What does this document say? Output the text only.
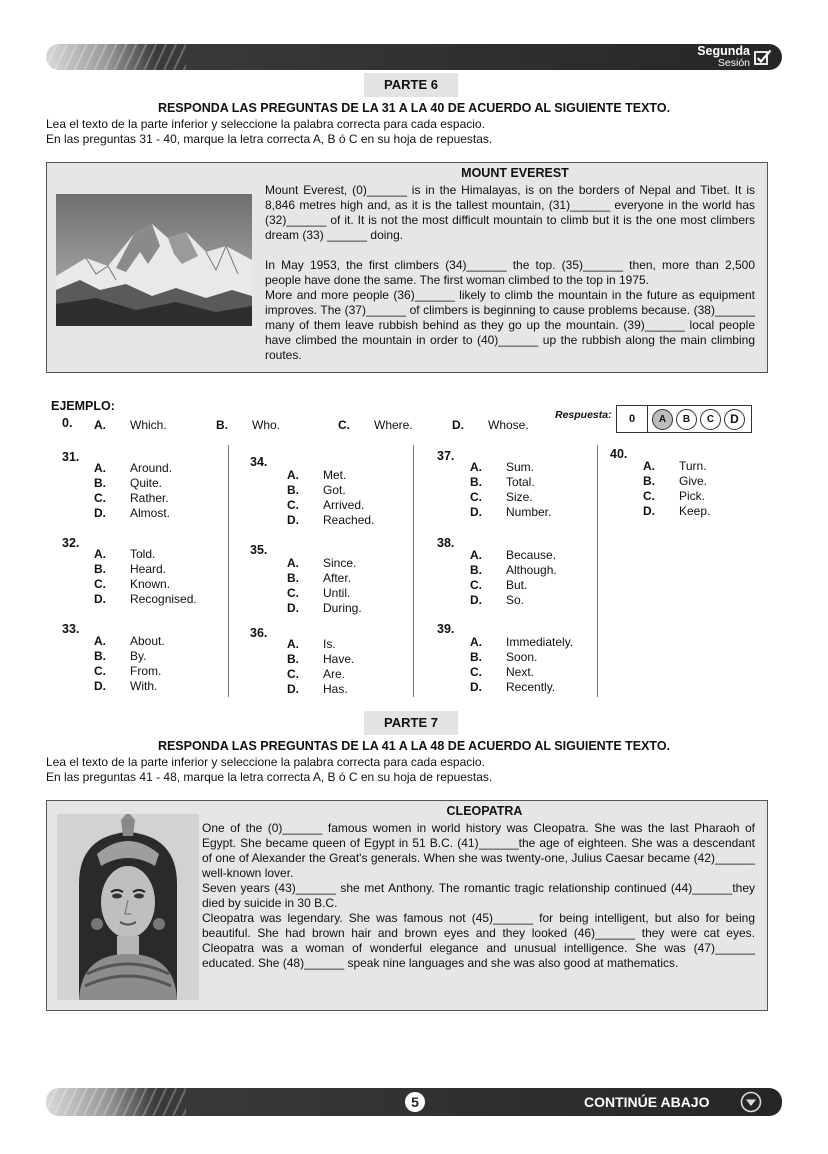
Segunda
Sesión
PARTE 6
RESPONDA LAS PREGUNTAS DE LA 31 A LA 40 DE ACUERDO AL SIGUIENTE TEXTO.
Lea el texto de la parte inferior y seleccione la palabra correcta para cada espacio.
En las preguntas 31 - 40, marque la letra correcta A, B ó C en su hoja de repuestas.
MOUNT EVEREST

Mount Everest, (0)______ is in the Himalayas, is on the borders of Nepal and Tibet. It is 8,846 metres high and, as it is the tallest mountain, (31)______ everyone in the world has (32)______ of it. It is not the most difficult mountain to climb but it is the one most climbers dream (33) ______ doing.

In May 1953, the first climbers (34)______ the top. (35)______ then, more than 2,500 people have done the same. The first woman climbed to the top in 1975.

More and more people (36)______ likely to climb the mountain in the future as equipment improves. The (37)______ of climbers is beginning to cause problems because. (38)______ many of them leave rubbish behind as they go up the mountain. (39)______ local people have climbed the mountain in order to (40)______ up the rubbish along the main climbing routes.

EJEMPLO:
0. A. Which.	B. Who.	C. Where.	D. Whose.
Respuesta:	0	A	B	C	D
31.
A. Around.
B. Quite.
C. Rather.
D. Almost.
32.
A. Told.
B. Heard.
C. Known.
D. Recognised.
33.
A. About.
B. By.
C. From.
D. With.
34.
A. Met.
B. Got.
C. Arrived.
D. Reached.
35.
A. Since.
B. After.
C. Until.
D. During.
36.
A. Is.
B. Have.
C. Are.
D. Has.
37.
A. Sum.
B. Total.
C. Size.
D. Number.
38.
A. Because.
B. Although.
C. But.
D. So.
39.
A. Immediately.
B. Soon.
C. Next.
D. Recently.
40.
A. Turn.
B. Give.
C. Pick.
D. Keep.
PARTE 7
RESPONDA LAS PREGUNTAS DE LA 41 A LA 48 DE ACUERDO AL SIGUIENTE TEXTO.
Lea el texto de la parte inferior y seleccione la palabra correcta para cada espacio.
En las preguntas 41 - 48, marque la letra correcta A, B ó C en su hoja de repuestas.
CLEOPATRA

One of the (0)______ famous women in world history was Cleopatra. She was the last Pharaoh of Egypt. She became queen of Egypt in 51 B.C. (41)______the age of eighteen. She was a descendant of one of Alexander the Great's generals. When she was twenty-one, Julius Caesar became (42)______ well-known lover.

Seven years (43)______ she met Anthony. The romantic tragic relationship continued (44)______they died by suicide in 30 B.C.

Cleopatra was legendary. She was famous not (45)______ for being intelligent, but also for being beautiful. She had brown hair and brown eyes and they looked (46)______ they were cat eyes. Cleopatra was a woman of wonderful elegance and unusual intelligence. She was (47)______ educated. She (48)______ speak nine languages and she was also good at mathematics.

5	CONTINÚE ABAJO
